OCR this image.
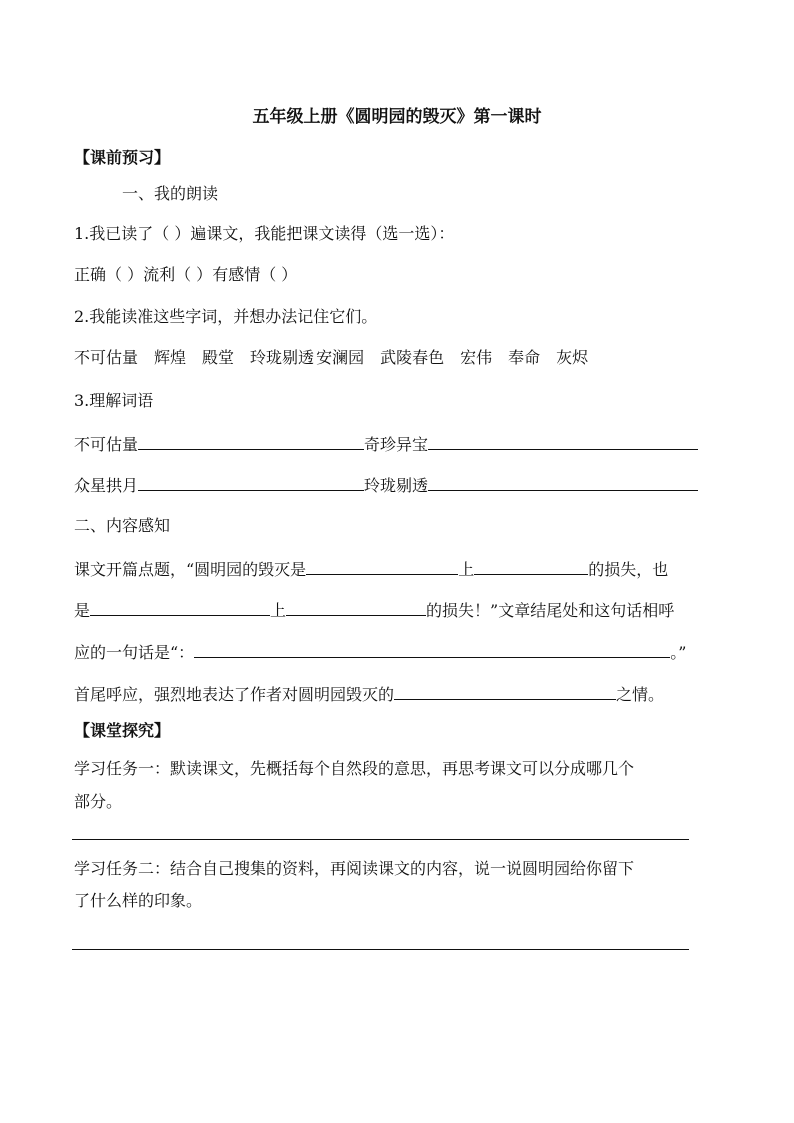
五年级上册《圆明园的毁灭》第一课时
【课前预习】
一、我的朗读
1.我已读了（ ）遍课文，我能把课文读得（选一选）：
正确（ ）流利（ ）有感情（ ）
2.我能读准这些字词，并想办法记住它们。
不可估量 辉煌 殿堂 玲珑剔透 安澜园 武陵春色 宏伟 奉命 灰烬
3.理解词语
不可估量	奇珍异宝
众星拱月	玲珑剔透
二、内容感知
课文开篇点题，“圆明园的毁灭是	上	的损失，也
是	上	的损失！”文章结尾处和这句话相呼
应的一句话是“：	。”
首尾呼应，强烈地表达了作者对圆明园毁灭的	之情。
【课堂探究】
学习任务一：默读课文，先概括每个自然段的意思，再思考课文可以分成哪几个
部分。
学习任务二：结合自己搜集的资料，再阅读课文的内容，说一说圆明园给你留下
了什么样的印象。
